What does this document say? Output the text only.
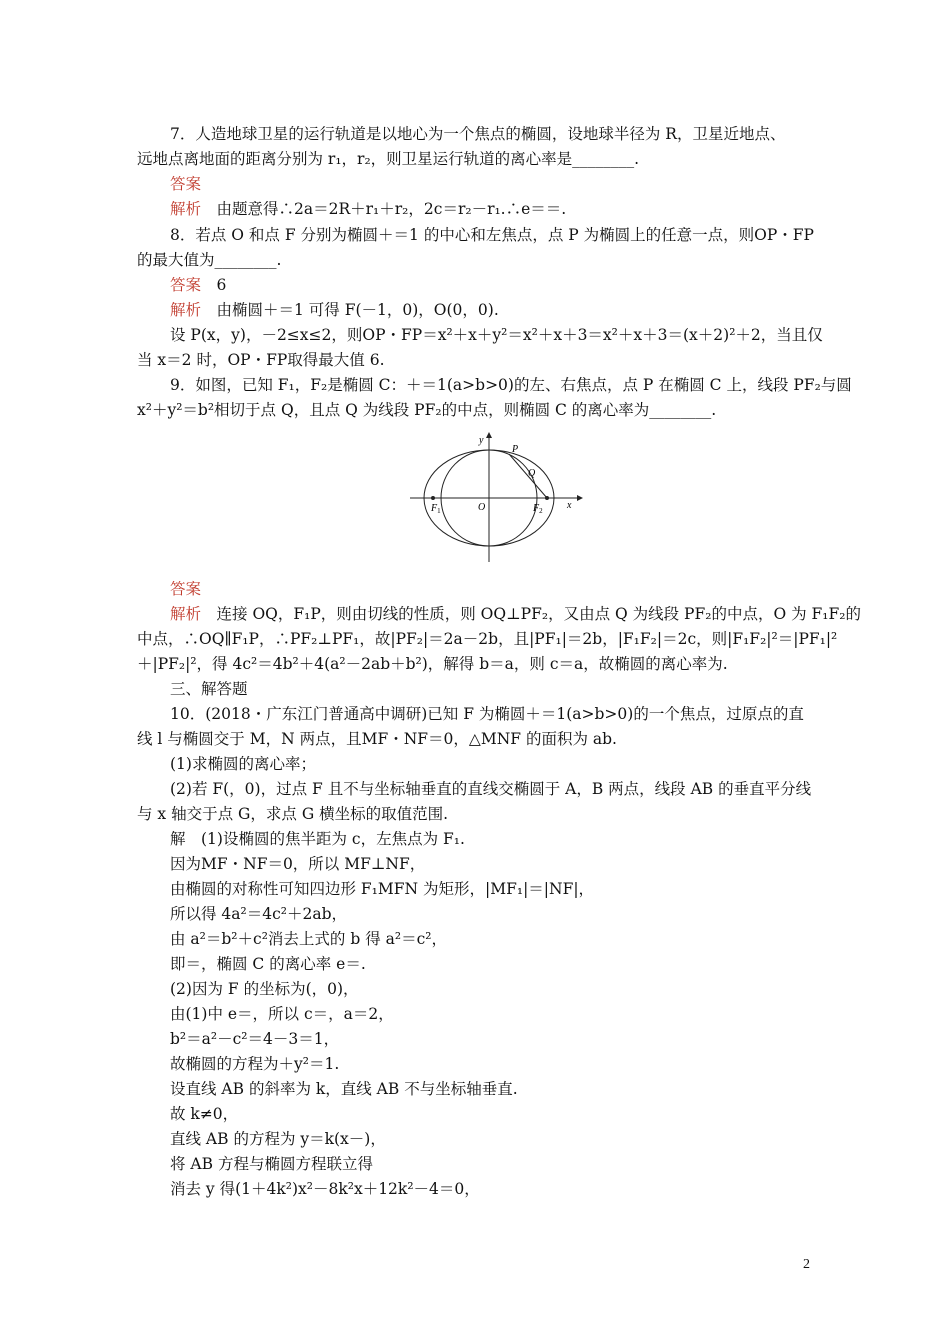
7．人造地球卫星的运行轨道是以地心为一个焦点的椭圆，设地球半径为 R，卫星近地点、
远地点离地面的距离分别为 r₁，r₂，则卫星运行轨道的离心率是________.
答案
解析　由题意得∴2a＝2R＋r₁＋r₂，2c＝r₂－r₁.∴e＝＝.
8．若点 O 和点 F 分别为椭圆＋＝1 的中心和左焦点，点 P 为椭圆上的任意一点，则OP・FP
的最大值为________.
答案　6
解析　由椭圆＋＝1 可得 F(－1，0)，O(0，0).
设 P(x，y)，－2≤x≤2，则OP・FP＝x²＋x＋y²＝x²＋x＋3＝x²＋x＋3＝(x＋2)²＋2，当且仅
当 x＝2 时，OP・FP取得最大值 6.
9．如图，已知 F₁，F₂是椭圆 C：＋＝1(a>b>0)的左、右焦点，点 P 在椭圆 C 上，线段 PF₂与圆
x²＋y²＝b²相切于点 Q，且点 Q 为线段 PF₂的中点，则椭圆 C 的离心率为________.
答案
解析　连接 OQ，F₁P，则由切线的性质，则 OQ⊥PF₂，又由点 Q 为线段 PF₂的中点，O 为 F₁F₂的
中点，∴OQ∥F₁P，∴PF₂⊥PF₁，故|PF₂|＝2a－2b，且|PF₁|＝2b，|F₁F₂|＝2c，则|F₁F₂|²＝|PF₁|²
＋|PF₂|²，得 4c²＝4b²＋4(a²－2ab＋b²)，解得 b＝a，则 c＝a，故椭圆的离心率为.
三、解答题
10．(2018・广东江门普通高中调研)已知 F 为椭圆＋＝1(a>b>0)的一个焦点，过原点的直
线 l 与椭圆交于 M，N 两点，且MF・NF＝0，△MNF 的面积为 ab.
(1)求椭圆的离心率；
(2)若 F(，0)，过点 F 且不与坐标轴垂直的直线交椭圆于 A，B 两点，线段 AB 的垂直平分线
与 x 轴交于点 G，求点 G 横坐标的取值范围.
解　(1)设椭圆的焦半距为 c，左焦点为 F₁.
因为MF・NF＝0，所以 MF⊥NF，
由椭圆的对称性可知四边形 F₁MFN 为矩形，|MF₁|＝|NF|，
所以得 4a²＝4c²＋2ab，
由 a²＝b²＋c²消去上式的 b 得 a²＝c²，
即＝，椭圆 C 的离心率 e＝.
(2)因为 F 的坐标为(，0)，
由(1)中 e＝，所以 c＝，a＝2，
b²＝a²－c²＝4－3＝1，
故椭圆的方程为＋y²＝1.
设直线 AB 的斜率为 k，直线 AB 不与坐标轴垂直.
故 k≠0，
直线 AB 的方程为 y＝k(x－)，
将 AB 方程与椭圆方程联立得
消去 y 得(1＋4k²)x²－8k²x＋12k²－4＝0，
y
x
P
Q
O
$F_1$	$F_2$
2
